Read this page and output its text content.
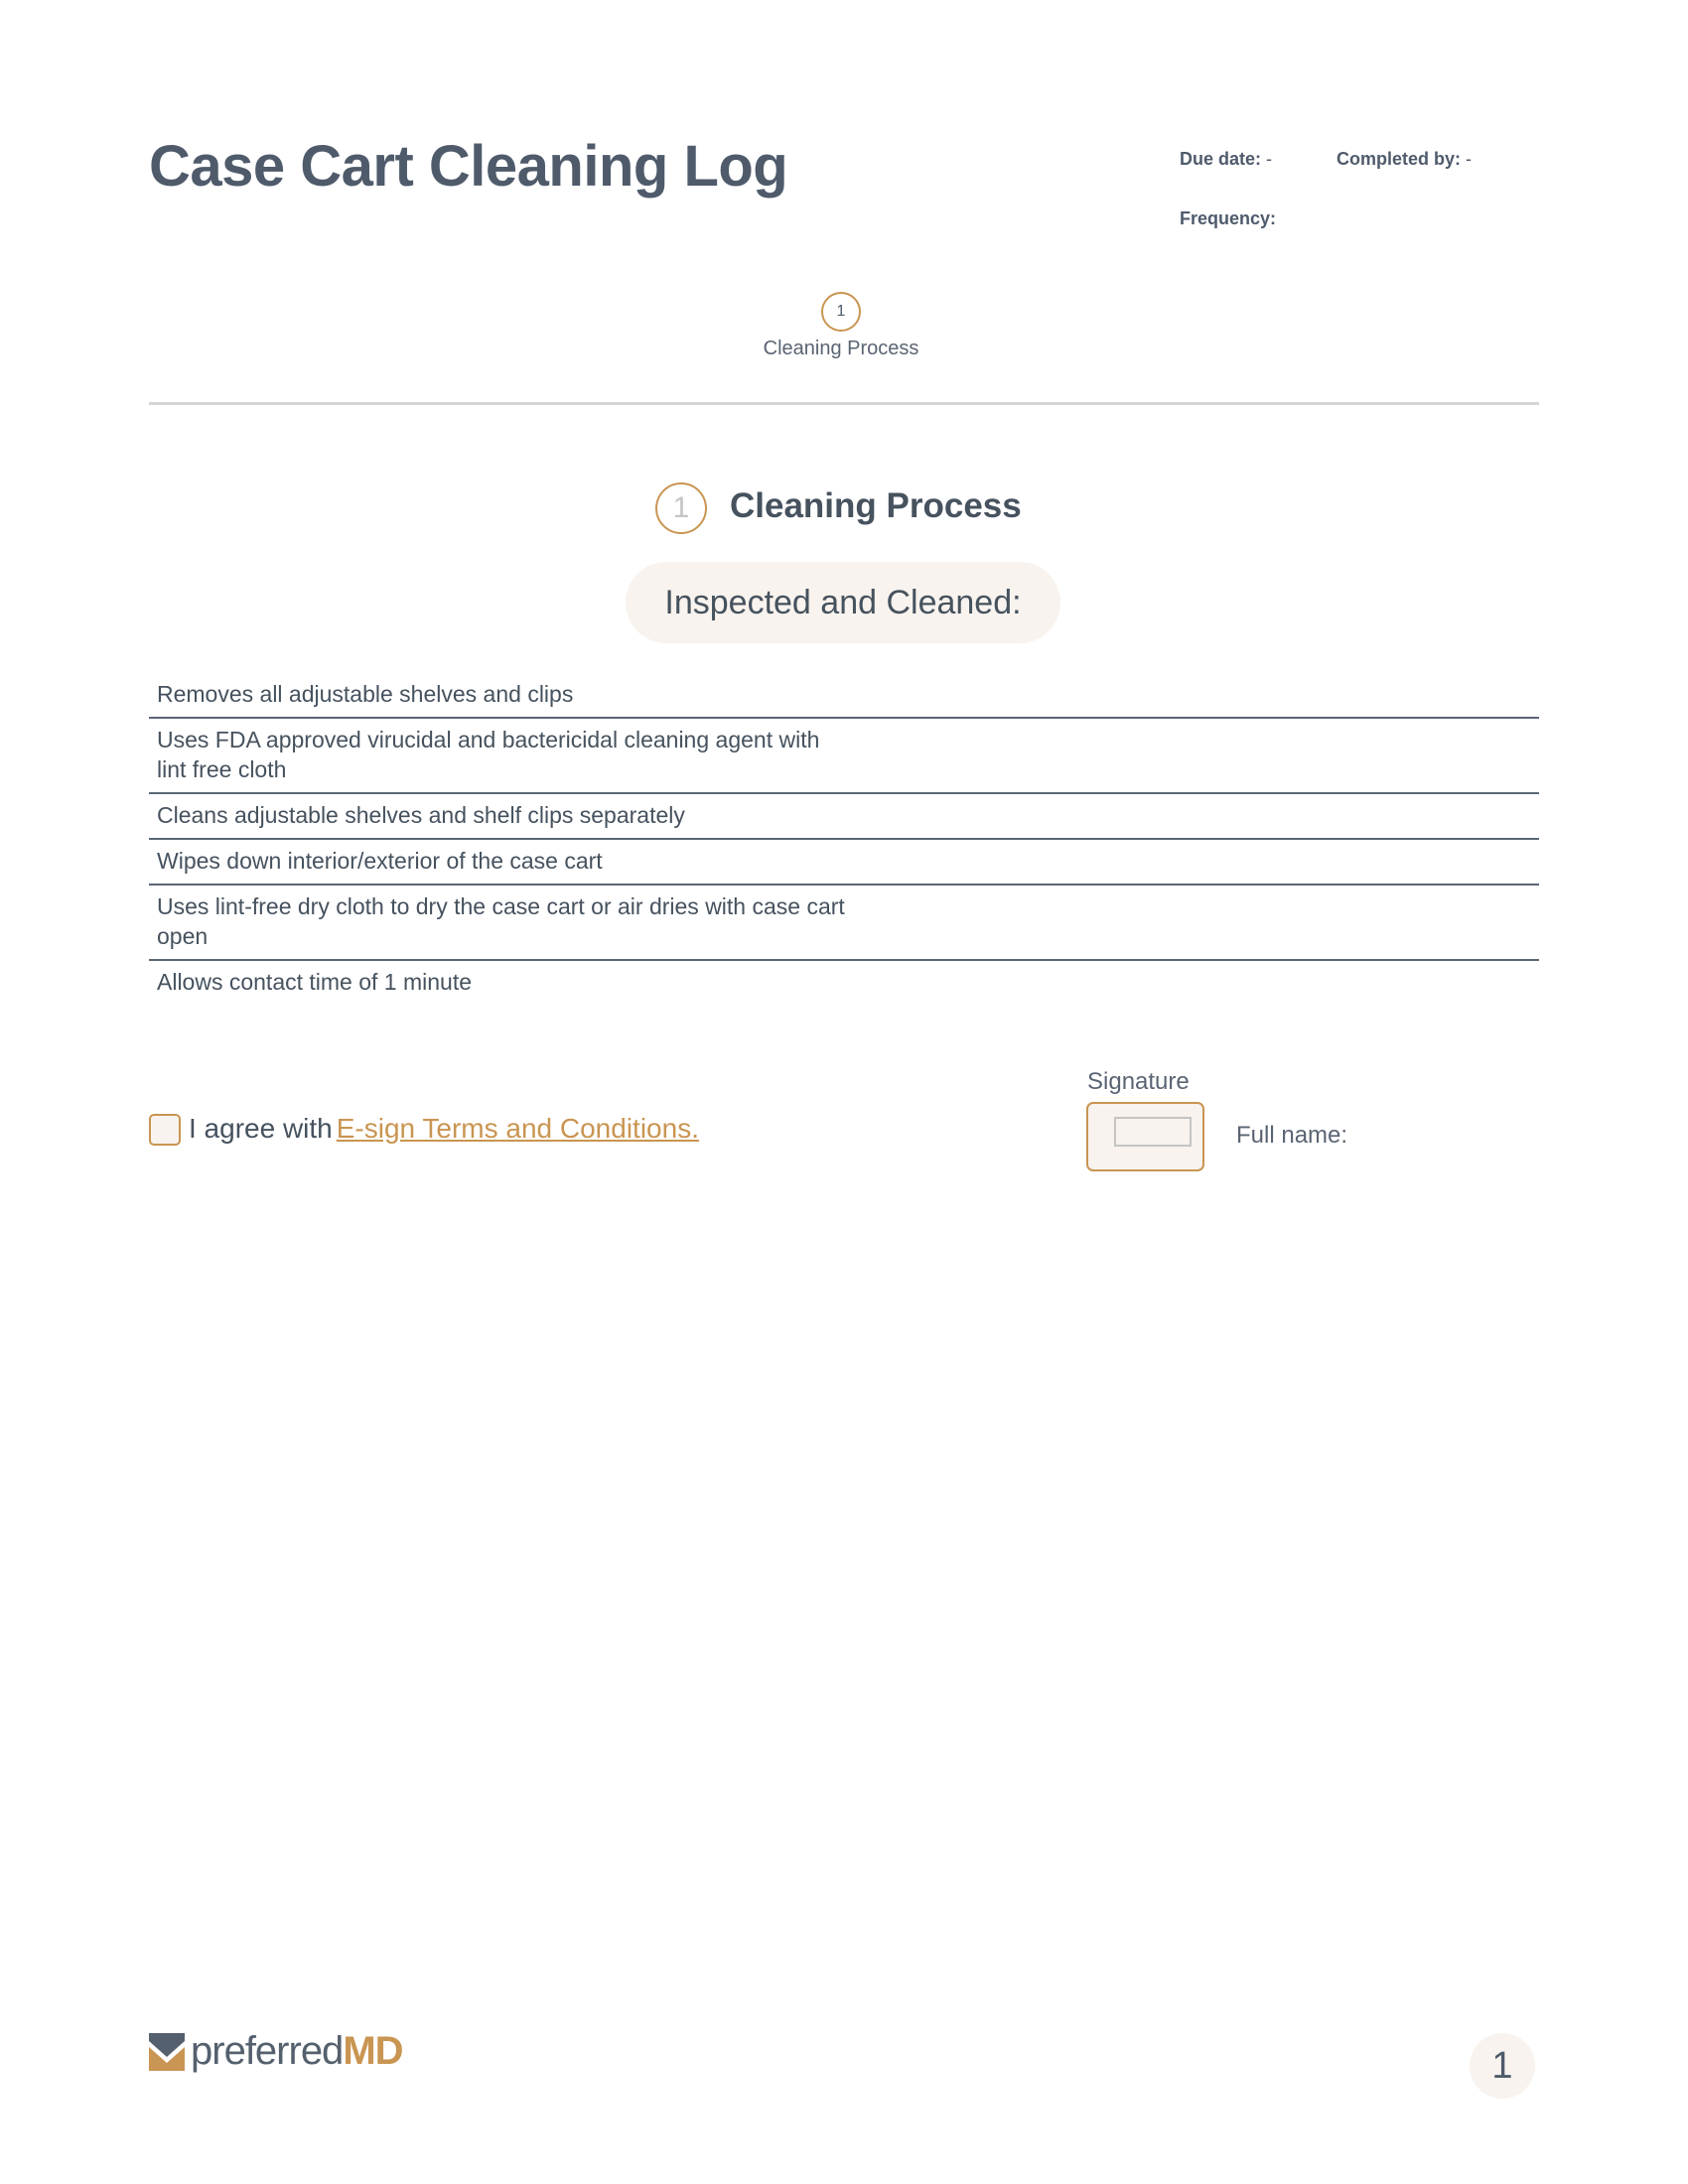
Case Cart Cleaning Log	Due date: -	Completed by: -
Frequency:
1
Cleaning Process
1 Cleaning Process
Inspected and Cleaned:
Removes all adjustable shelves and clips
Uses FDA approved virucidal and bactericidal cleaning agent with lint free cloth
Cleans adjustable shelves and shelf clips separately
Wipes down interior/exterior of the case cart
Uses lint-free dry cloth to dry the case cart or air dries with case cart open
Allows contact time of 1 minute
I agree with E-sign Terms and Conditions.
Signature
Full name:
preferredMD	1
